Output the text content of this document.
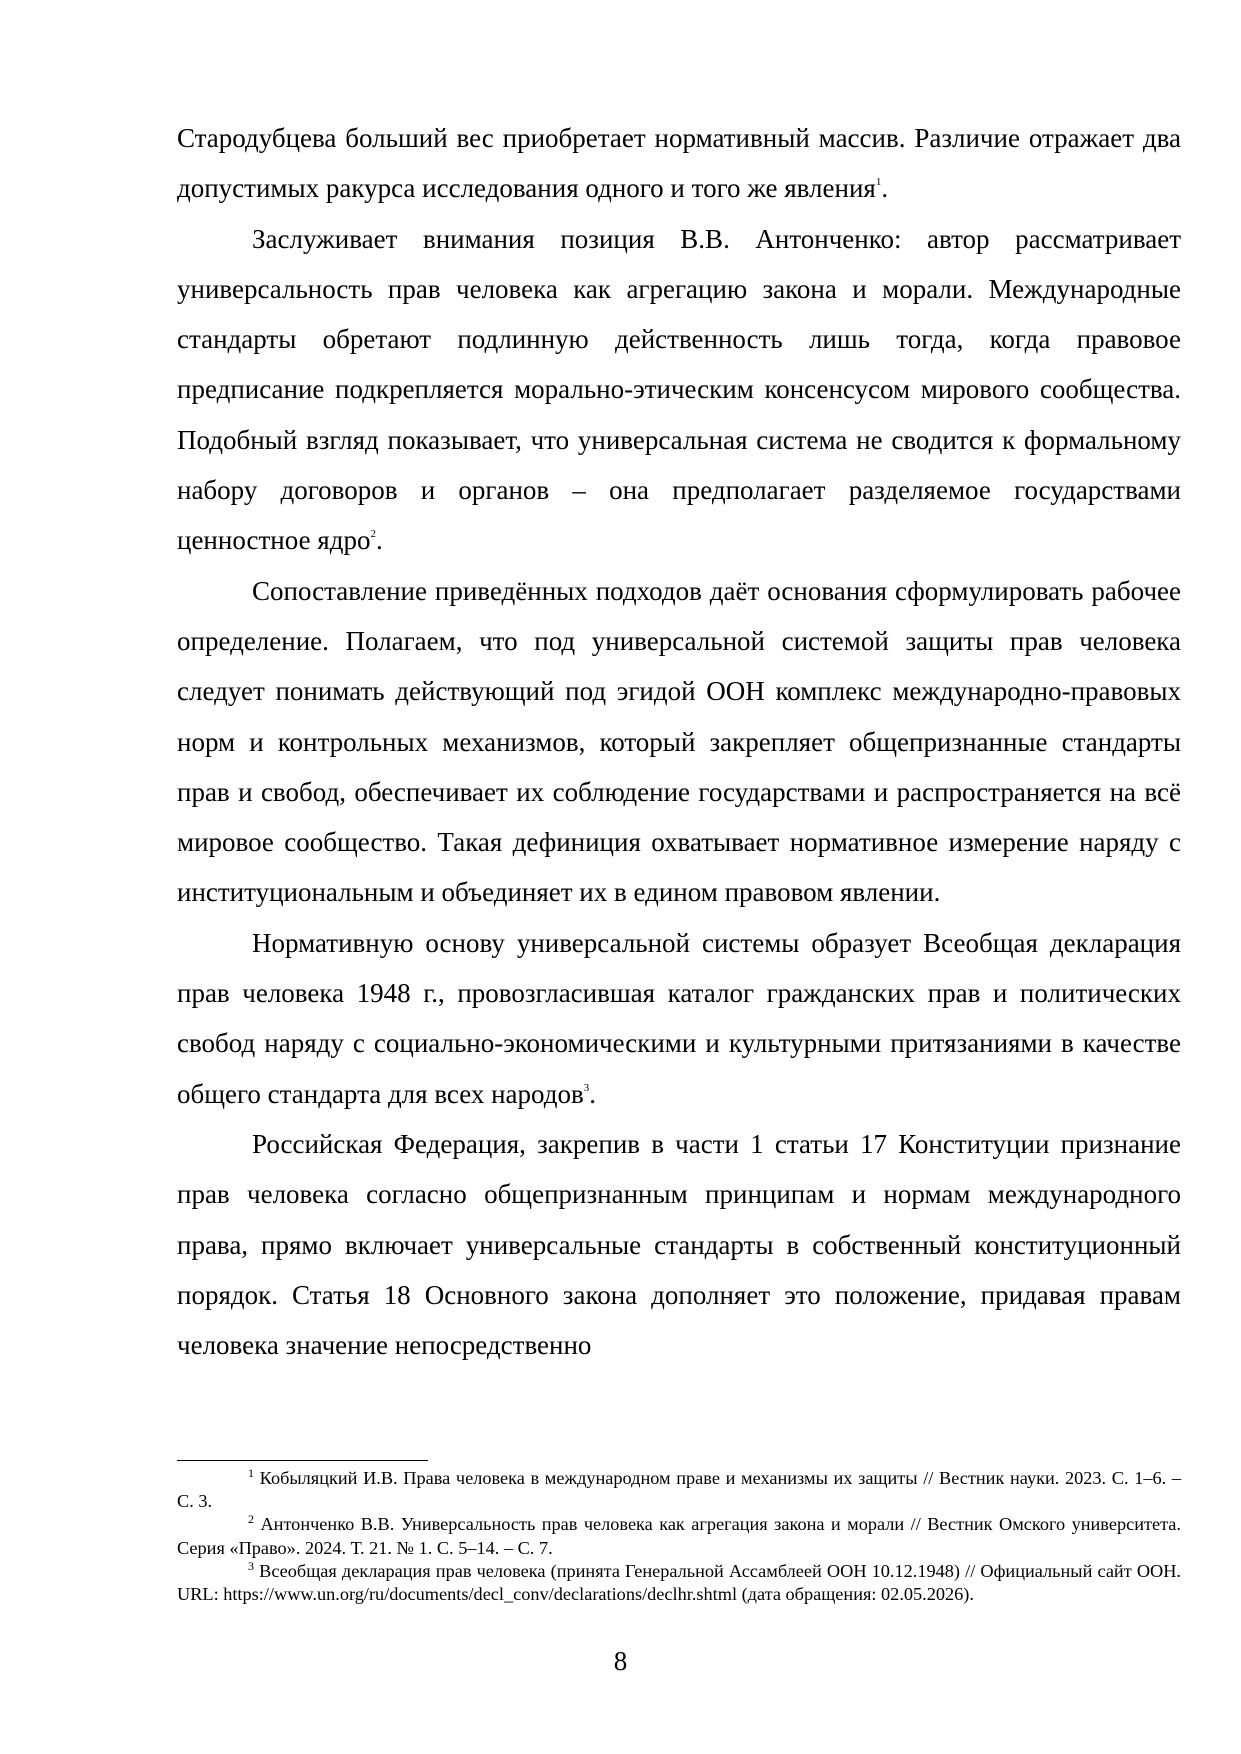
Стародубцева больший вес приобретает нормативный массив. Различие отражает два допустимых ракурса исследования одного и того же явления$^1$.

Заслуживает внимания позиция В.В. Антонченко: автор рассматривает универсальность прав человека как агрегацию закона и морали. Международные стандарты обретают подлинную действенность лишь тогда, когда правовое предписание подкрепляется морально-этическим консенсусом мирового сообщества. Подобный взгляд показывает, что универсальная система не сводится к формальному набору договоров и органов – она предполагает разделяемое государствами ценностное ядро$^2$.

Сопоставление приведённых подходов даёт основания сформулировать рабочее определение. Полагаем, что под универсальной системой защиты прав человека следует понимать действующий под эгидой ООН комплекс международно-правовых норм и контрольных механизмов, который закрепляет общепризнанные стандарты прав и свобод, обеспечивает их соблюдение государствами и распространяется на всё мировое сообщество. Такая дефиниция охватывает нормативное измерение наряду с институциональным и объединяет их в едином правовом явлении.

Нормативную основу универсальной системы образует Всеобщая декларация прав человека 1948 г., провозгласившая каталог гражданских прав и политических свобод наряду с социально-экономическими и культурными притязаниями в качестве общего стандарта для всех народов$^3$.

Российская Федерация, закрепив в части 1 статьи 17 Конституции признание прав человека согласно общепризнанным принципам и нормам международного права, прямо включает универсальные стандарты в собственный конституционный порядок. Статья 18 Основного закона дополняет это положение, придавая правам человека значение непосредственно

$^1$ Кобыляцкий И.В. Права человека в международном праве и механизмы их защиты // Вестник науки. 2023. С. 1–6. – С. 3.

$^2$ Антонченко В.В. Универсальность прав человека как агрегация закона и морали // Вестник Омского университета. Серия «Право». 2024. Т. 21. № 1. С. 5–14. – С. 7.

$^3$ Всеобщая декларация прав человека (принята Генеральной Ассамблеей ООН 10.12.1948) // Официальный сайт ООН. URL: https://www.un.org/ru/documents/decl_conv/declarations/declhr.shtml (дата обращения: 02.05.2026).

8
